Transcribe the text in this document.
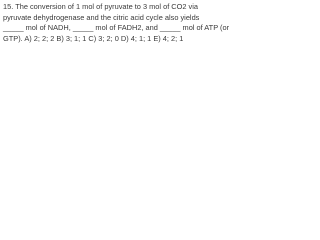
15. The conversion of 1 mol of pyruvate to 3 mol of CO2 via
pyruvate dehydrogenase and the citric acid cycle also yields
_____ mol of NADH, _____ mol of FADH2, and _____ mol of ATP (or
GTP). A) 2; 2; 2 B) 3; 1; 1 C) 3; 2; 0 D) 4; 1; 1 E) 4; 2; 1
